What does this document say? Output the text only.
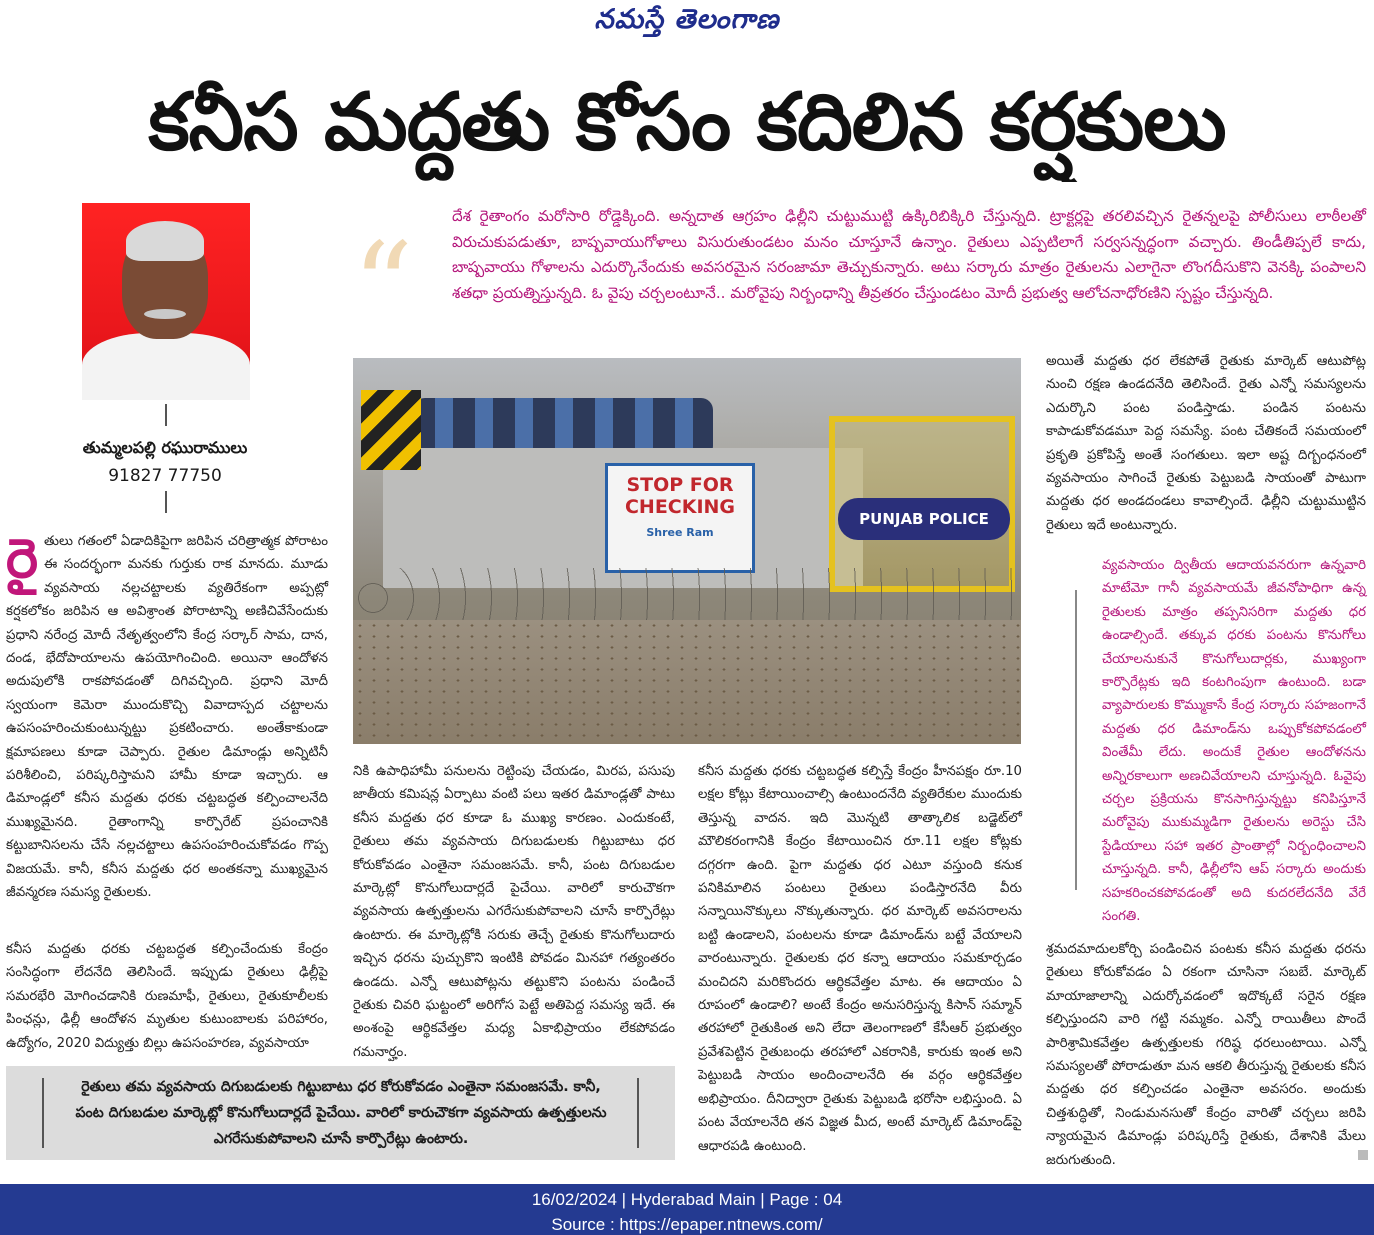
నమస్తే తెలంగాణ
కనీస మద్దతు కోసం కదిలిన కర్షకులు
తుమ్మలపల్లి రఘురాములు
91827 77750
“
దేశ రైతాంగం మరోసారి రోడ్డెక్కింది. అన్నదాత ఆగ్రహం ఢిల్లీని చుట్టుముట్టి ఉక్కిరిబిక్కిరి చేస్తున్నది. ట్రాక్టర్లపై తరలివచ్చిన రైతన్నలపై పోలీసులు లాఠీలతో విరుచుకుపడుతూ, బాష్పవాయుగోళాలు విసురుతుండటం మనం చూస్తూనే ఉన్నాం. రైతులు ఎప్పటిలాగే సర్వసన్నద్ధంగా వచ్చారు. తిండీతిప్పలే కాదు, బాష్పవాయు గోళాలను ఎదుర్కొనేందుకు అవసరమైన సరంజామా తెచ్చుకున్నారు. అటు సర్కారు మాత్రం రైతులను ఎలాగైనా లొంగదీసుకొని వెనక్కి పంపాలని శతధా ప్రయత్నిస్తున్నది. ఓ వైపు చర్చలంటూనే.. మరోవైపు నిర్బంధాన్ని తీవ్రతరం చేస్తుండటం మోదీ ప్రభుత్వ ఆలోచనాధోరణిని స్పష్టం చేస్తున్నది.
STOP FOR CHECKING
Shree Ram
PUNJAB POLICE
రైతులు గతంలో ఏడాదికిపైగా జరిపిన చరిత్రాత్మక పోరాటం ఈ సందర్భంగా మనకు గుర్తుకు రాక మానదు. మూడు వ్యవసాయ నల్లచట్టాలకు వ్యతిరేకంగా అప్పట్లో కర్షకలోకం జరిపిన ఆ అవిశ్రాంత పోరాటాన్ని అణిచివేసేందుకు ప్రధాని నరేంద్ర మోదీ నేతృత్వంలోని కేంద్ర సర్కార్ సామ, దాన, దండ, భేదోపాయాలను ఉపయోగించింది. అయినా ఆందోళన అదుపులోకి రాకపోవడంతో దిగివచ్చింది. ప్రధాని మోదీ స్వయంగా కెమెరా ముందుకొచ్చి వివాదాస్పద చట్టాలను ఉపసంహరించుకుంటున్నట్టు ప్రకటించారు. అంతేకాకుండా క్షమాపణలు కూడా చెప్పారు. రైతుల డిమాండ్లు అన్నిటినీ పరిశీలించి, పరిష్కరిస్తామని హామీ కూడా ఇచ్చారు. ఆ డిమాండ్లలో కనీస మద్దతు ధరకు చట్టబద్ధత కల్పించాలనేది ముఖ్యమైనది. రైతాంగాన్ని కార్పొరేట్ ప్రపంచానికి కట్టుబానిసలను చేసే నల్లచట్టాలు ఉపసంహరించుకోవడం గొప్ప విజయమే. కానీ, కనీస మద్దతు ధర అంతకన్నా ముఖ్యమైన జీవన్మరణ సమస్య రైతులకు.
కనీస మద్దతు ధరకు చట్టబద్ధత కల్పించేందుకు కేంద్రం సంసిద్ధంగా లేదనేది తెలిసిందే. ఇప్పుడు రైతులు ఢిల్లీపై సమరభేరి మోగించడానికి రుణమాఫీ, రైతులు, రైతుకూలీలకు పింఛన్లు, ఢిల్లీ ఆందోళన మృతుల కుటుంబాలకు పరిహారం, ఉద్యోగం, 2020 విద్యుత్తు బిల్లు ఉపసంహరణ, వ్యవసాయా
నికి ఉపాధిహామీ పనులను రెట్టింపు చేయడం, మిరప, పసుపు జాతీయ కమిషన్ల ఏర్పాటు వంటి పలు ఇతర డిమాండ్లతో పాటు కనీస మద్దతు ధర కూడా ఓ ముఖ్య కారణం. ఎందుకంటే, రైతులు తమ వ్యవసాయ దిగుబడులకు గిట్టుబాటు ధర కోరుకోవడం ఎంతైనా సమంజసమే. కానీ, పంట దిగుబడుల మార్కెట్లో కొనుగోలుదార్లదే పైచేయి. వారిలో కారుచౌకగా వ్యవసాయ ఉత్పత్తులను ఎగరేసుకుపోవాలని చూసే కార్పొరేట్లు ఉంటారు. ఈ మార్కెట్లోకి సరుకు తెచ్చే రైతుకు కొనుగోలుదారు ఇచ్చిన ధరను పుచ్చుకొని ఇంటికి పోవడం మినహా గత్యంతరం ఉండదు. ఎన్నో ఆటుపోట్లను తట్టుకొని పంటను పండించే రైతుకు చివరి ఘట్టంలో అరిగోస పెట్టే అతిపెద్ద సమస్య ఇదే. ఈ అంశంపై ఆర్థికవేత్తల మధ్య ఏకాభిప్రాయం లేకపోవడం గమనార్హం.
కనీస మద్దతు ధరకు చట్టబద్ధత కల్పిస్తే కేంద్రం హీనపక్షం రూ.10 లక్షల కోట్లు కేటాయించాల్సి ఉంటుందనేది వ్యతిరేకుల ముందుకు తెస్తున్న వాదన. ఇది మొన్నటి తాత్కాలిక బడ్జెట్‌లో మౌలికరంగానికి కేంద్రం కేటాయించిన రూ.11 లక్షల కోట్లకు దగ్గరగా ఉంది. పైగా మద్దతు ధర ఎటూ వస్తుంది కనుక పనికిమాలిన పంటలు రైతులు పండిస్తారనేది వీరు సన్నాయినొక్కులు నొక్కుతున్నారు. ధర మార్కెట్ అవసరాలను బట్టి ఉండాలని, పంటలను కూడా డిమాండ్‌ను బట్టే వేయాలని వారంటున్నారు. రైతులకు ధర కన్నా ఆదాయం సమకూర్చడం మంచిదని మరికొందరు ఆర్థికవేత్తల మాట. ఈ ఆదాయం ఏ రూపంలో ఉండాలి? అంటే కేంద్రం అనుసరిస్తున్న కిసాన్ సమ్మాన్ తరహాలో రైతుకింత అని లేదా తెలంగాణలో కేసీఆర్ ప్రభుత్వం ప్రవేశపెట్టిన రైతుబంధు తరహాలో ఎకరానికి, కారుకు ఇంత అని పెట్టుబడి సాయం అందించాలనేది ఈ వర్గం ఆర్థికవేత్తల అభిప్రాయం. దీనిద్వారా రైతుకు పెట్టుబడి భరోసా లభిస్తుంది. ఏ పంట వేయాలనేది తన విజ్ఞత మీద, అంటే మార్కెట్ డిమాండ్‌పై ఆధారపడి ఉంటుంది.
అయితే మద్దతు ధర లేకపోతే రైతుకు మార్కెట్ ఆటుపోట్ల నుంచి రక్షణ ఉండదనేది తెలిసిందే. రైతు ఎన్నో సమస్యలను ఎదుర్కొని పంట పండిస్తాడు. పండిన పంటను కాపాడుకోవడమూ పెద్ద సమస్యే. పంట చేతికందే సమయంలో ప్రకృతి ప్రకోపిస్తే అంతే సంగతులు. ఇలా అష్ట దిగ్బంధనంలో వ్యవసాయం సాగించే రైతుకు పెట్టుబడి సాయంతో పాటుగా మద్దతు ధర అండదండలు కావాల్సిందే. ఢిల్లీని చుట్టుముట్టిన రైతులు ఇదే అంటున్నారు.
వ్యవసాయం ద్వితీయ ఆదాయవనరుగా ఉన్నవారి మాటేమో గానీ వ్యవసాయమే జీవనోపాధిగా ఉన్న రైతులకు మాత్రం తప్పనిసరిగా మద్దతు ధర ఉండాల్సిందే. తక్కువ ధరకు పంటను కొనుగోలు చేయాలనుకునే కొనుగోలుదార్లకు, ముఖ్యంగా కార్పొరేట్లకు ఇది కంటగింపుగా ఉంటుంది. బడా వ్యాపారులకు కొమ్ముకాసే కేంద్ర సర్కారు సహజంగానే మద్దతు ధర డిమాండ్‌ను ఒప్పుకోకపోవడంలో వింతేమీ లేదు. అందుకే రైతుల ఆందోళనను అన్నిరకాలుగా అణచివేయాలని చూస్తున్నది. ఓవైపు చర్చల ప్రక్రియను కొనసాగిస్తున్నట్టు కనిపిస్తూనే మరోవైపు ముకుమ్మడిగా రైతులను అరెస్టు చేసి స్టేడియాలు సహా ఇతర ప్రాంతాల్లో నిర్బంధించాలని చూస్తున్నది. కానీ, ఢిల్లీలోని ఆప్ సర్కారు అందుకు సహకరించకపోవడంతో అది కుదరలేదనేది వేరే సంగతి.
శ్రమదమాదులకోర్చి పండించిన పంటకు కనీస మద్దతు ధరను రైతులు కోరుకోవడం ఏ రకంగా చూసినా సబబే. మార్కెట్ మాయాజాలాన్ని ఎదుర్కోవడంలో ఇదొక్కటే సరైన రక్షణ కల్పిస్తుందని వారి గట్టి నమ్మకం. ఎన్నో రాయితీలు పొందే పారిశ్రామికవేత్తల ఉత్పత్తులకు గరిష్ఠ ధరలుంటాయి. ఎన్నో సమస్యలతో పోరాడుతూ మన ఆకలి తీరుస్తున్న రైతులకు కనీస మద్దతు ధర కల్పించడం ఎంతైనా అవసరం. అందుకు చిత్తశుద్ధితో, నిండుమనసుతో కేంద్రం వారితో చర్చలు జరిపి న్యాయమైన డిమాండ్లు పరిష్కరిస్తే రైతుకు, దేశానికి మేలు జరుగుతుంది.
రైతులు తమ వ్యవసాయ దిగుబడులకు గిట్టుబాటు ధర కోరుకోవడం ఎంతైనా సమంజసమే. కానీ, పంట దిగుబడుల మార్కెట్లో కొనుగోలుదార్లదే పైచేయి. వారిలో కారుచౌకగా వ్యవసాయ ఉత్పత్తులను ఎగరేసుకుపోవాలని చూసే కార్పొరేట్లు ఉంటారు.
16/02/2024 | Hyderabad Main | Page : 04
Source : https://epaper.ntnews.com/
